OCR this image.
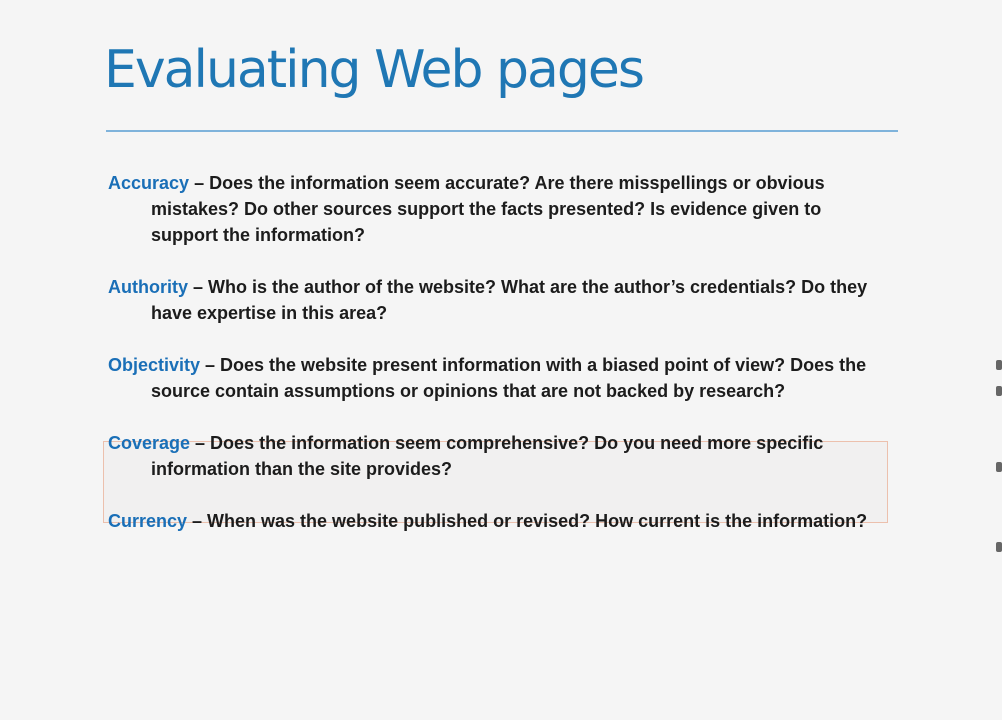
Evaluating Web pages
Accuracy – Does the information seem accurate? Are there misspellings or obvious mistakes? Do other sources support the facts presented? Is evidence given to support the information?
Authority – Who is the author of the website? What are the author’s credentials? Do they have expertise in this area?
Objectivity – Does the website present information with a biased point of view? Does the source contain assumptions or opinions that are not backed by research?
Coverage – Does the information seem comprehensive? Do you need more specific information than the site provides?
Currency – When was the website published or revised? How current is the information?
